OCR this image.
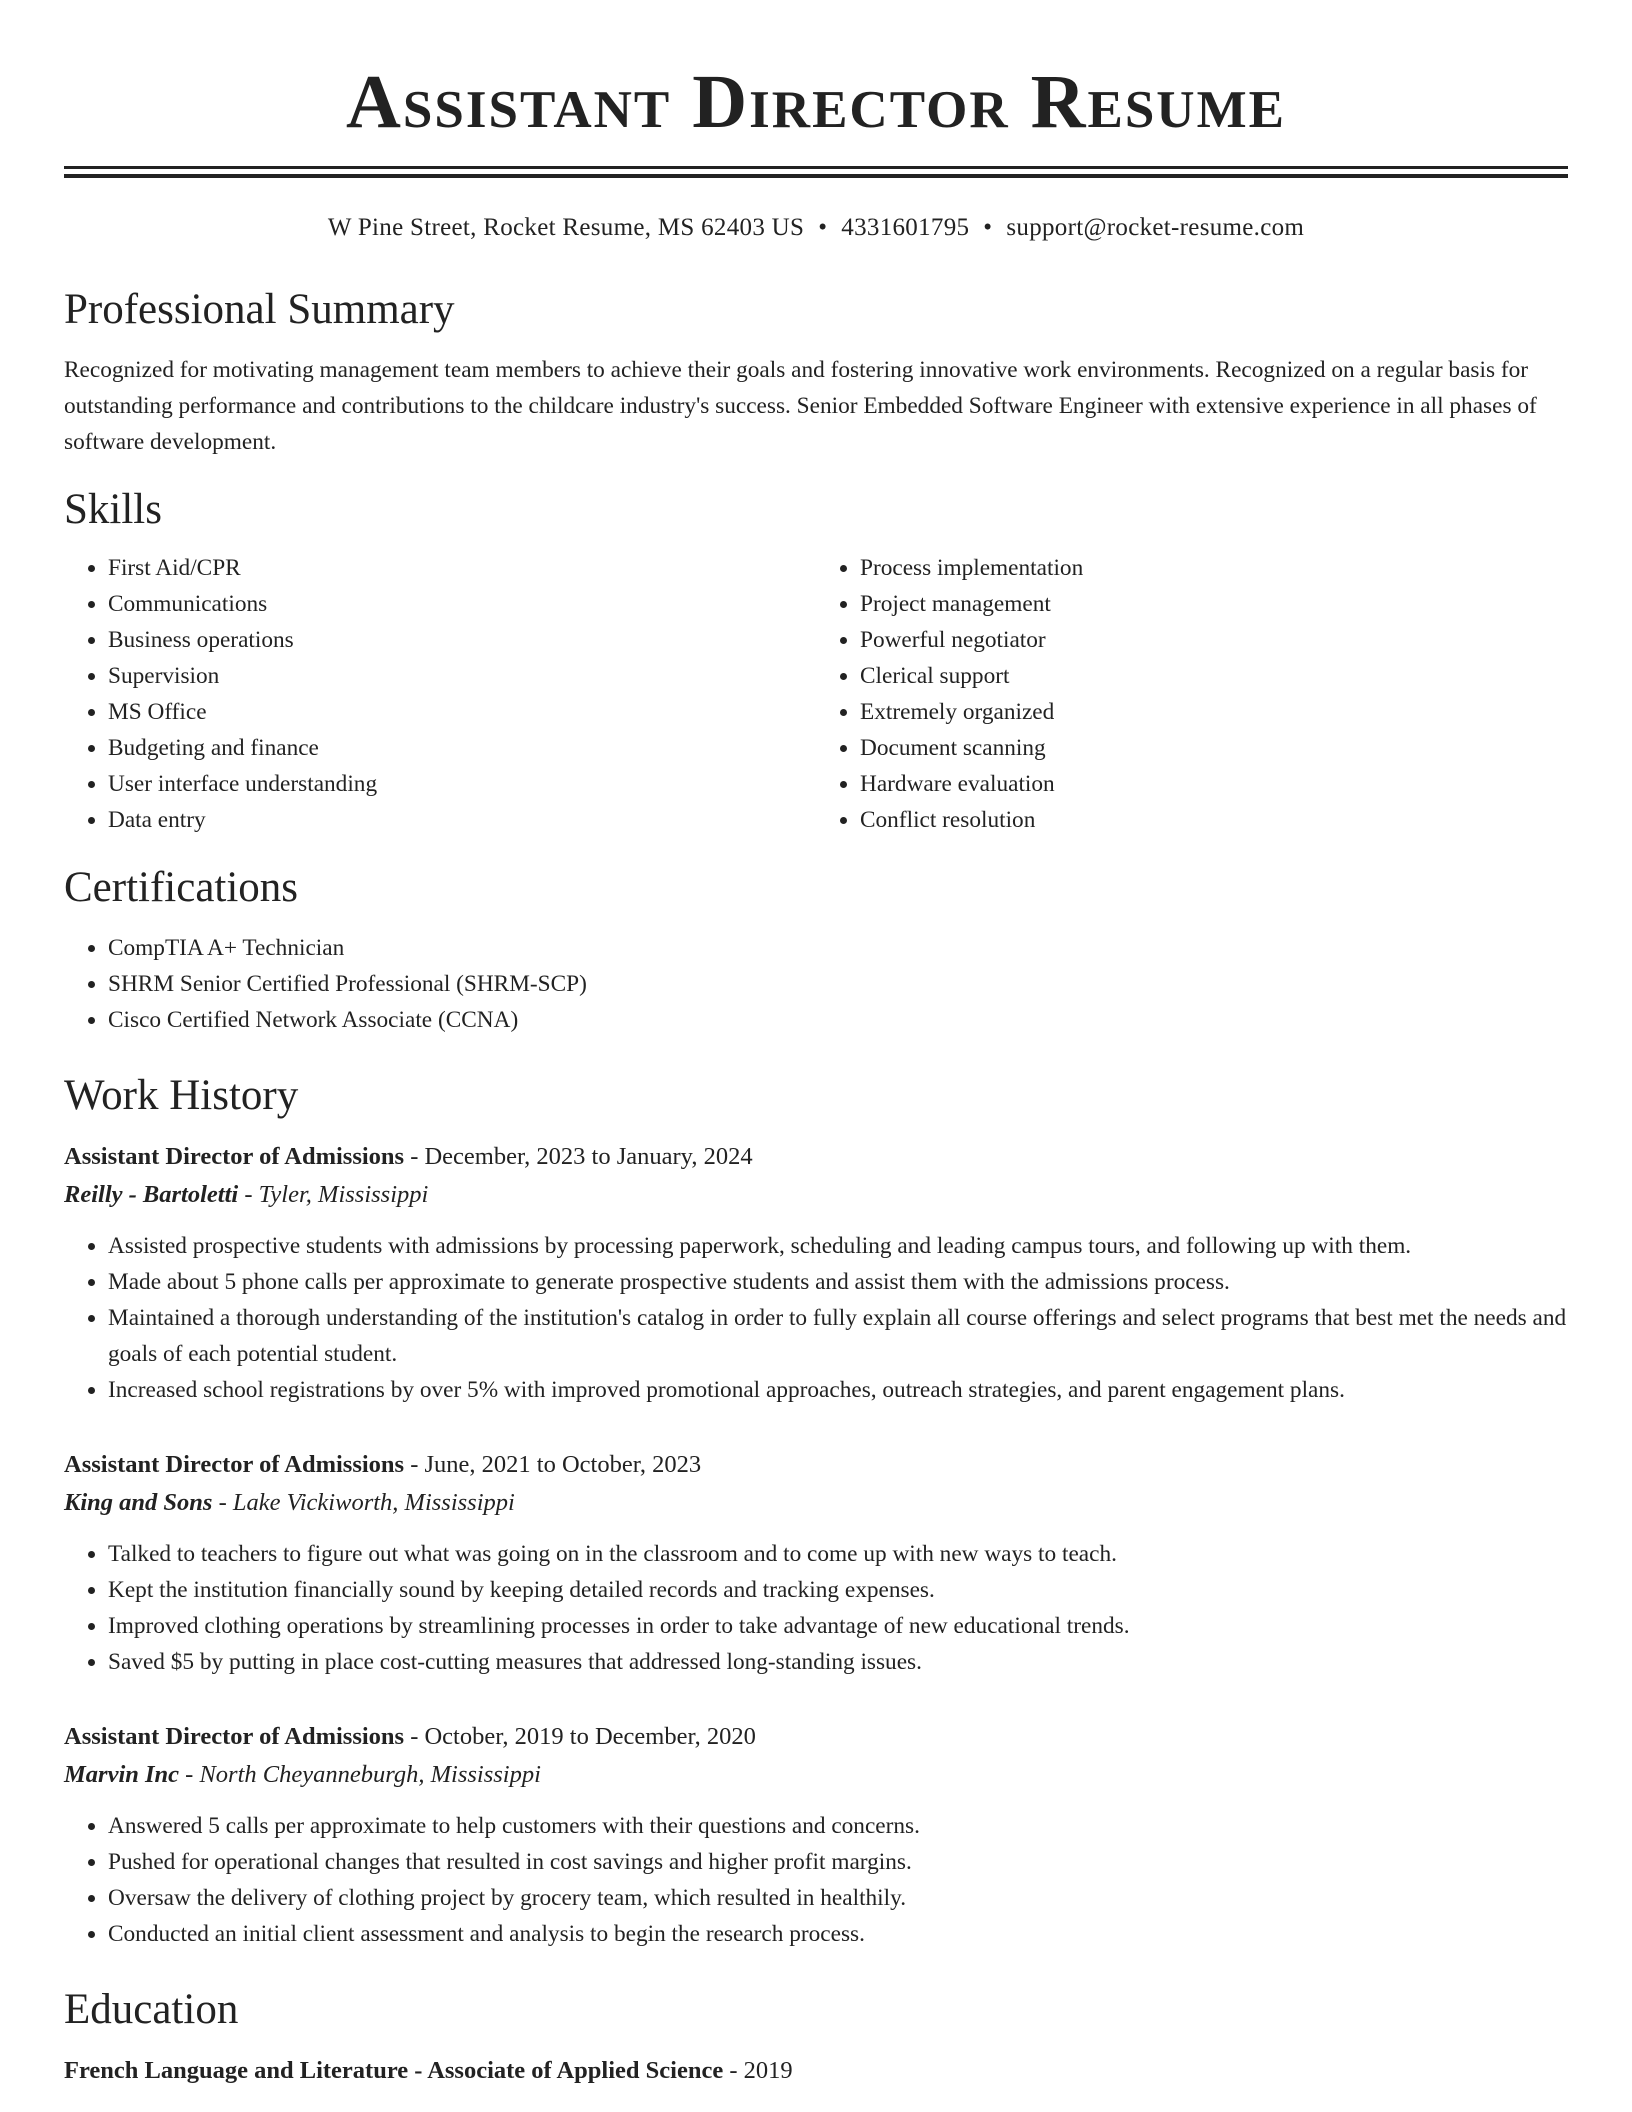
Assistant Director Resume
W Pine Street, Rocket Resume, MS 62403 US • 4331601795 • support@rocket-resume.com
Professional Summary
Recognized for motivating management team members to achieve their goals and fostering innovative work environments. Recognized on a regular basis for outstanding performance and contributions to the childcare industry's success. Senior Embedded Software Engineer with extensive experience in all phases of software development.
Skills
• First Aid/CPR
• Communications
• Business operations
• Supervision
• MS Office
• Budgeting and finance
• User interface understanding
• Data entry
• Process implementation
• Project management
• Powerful negotiator
• Clerical support
• Extremely organized
• Document scanning
• Hardware evaluation
• Conflict resolution
Certifications
• CompTIA A+ Technician
• SHRM Senior Certified Professional (SHRM-SCP)
• Cisco Certified Network Associate (CCNA)
Work History
Assistant Director of Admissions - December, 2023 to January, 2024
Reilly - Bartoletti - Tyler, Mississippi
• Assisted prospective students with admissions by processing paperwork, scheduling and leading campus tours, and following up with them.
• Made about 5 phone calls per approximate to generate prospective students and assist them with the admissions process.
• Maintained a thorough understanding of the institution's catalog in order to fully explain all course offerings and select programs that best met the needs and goals of each potential student.
• Increased school registrations by over 5% with improved promotional approaches, outreach strategies, and parent engagement plans.
Assistant Director of Admissions - June, 2021 to October, 2023
King and Sons - Lake Vickiworth, Mississippi
• Talked to teachers to figure out what was going on in the classroom and to come up with new ways to teach.
• Kept the institution financially sound by keeping detailed records and tracking expenses.
• Improved clothing operations by streamlining processes in order to take advantage of new educational trends.
• Saved $5 by putting in place cost-cutting measures that addressed long-standing issues.
Assistant Director of Admissions - October, 2019 to December, 2020
Marvin Inc - North Cheyanneburgh, Mississippi
• Answered 5 calls per approximate to help customers with their questions and concerns.
• Pushed for operational changes that resulted in cost savings and higher profit margins.
• Oversaw the delivery of clothing project by grocery team, which resulted in healthily.
• Conducted an initial client assessment and analysis to begin the research process.
Education
French Language and Literature - Associate of Applied Science - 2019
